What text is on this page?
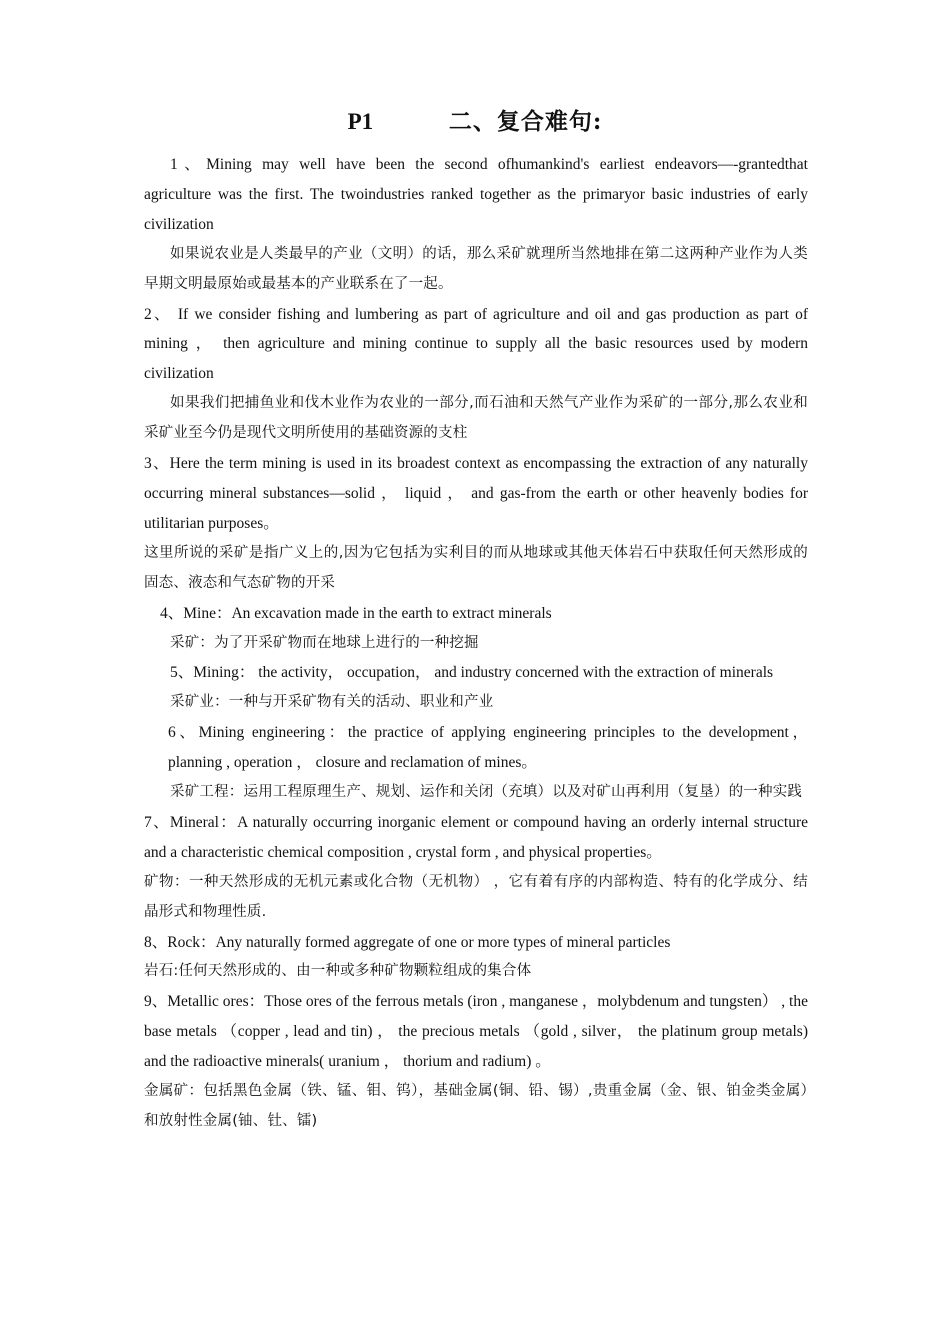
P1	二、复合难句:

1、Mining may well have been the second ofhumankind's earliest endeavors—-grantedthat agriculture was the first. The twoindustries ranked together as the primaryor basic industries of early civilization

如果说农业是人类最早的产业（文明）的话，那么采矿就理所当然地排在第二这两种产业作为人类早期文明最原始或最基本的产业联系在了一起。

2、 If we consider fishing and lumbering as part of agriculture and oil and gas production as part of mining ， then agriculture and mining continue to supply all the basic resources used by modern civilization

如果我们把捕鱼业和伐木业作为农业的一部分,而石油和天然气产业作为采矿的一部分,那么农业和采矿业至今仍是现代文明所使用的基础资源的支柱

3、Here the term mining is used in its broadest context as encompassing the extraction of any naturally occurring mineral substances—solid ， liquid ， and gas-from the earth or other heavenly bodies for utilitarian purposes。

这里所说的采矿是指广义上的,因为它包括为实利目的而从地球或其他天体岩石中获取任何天然形成的固态、液态和气态矿物的开采

4、Mine：An excavation made in the earth to extract minerals

采矿：为了开采矿物而在地球上进行的一种挖掘

5、Mining： the activity， occupation， and industry concerned with the extraction of minerals

采矿业：一种与开采矿物有关的活动、职业和产业

6、Mining engineering：the practice of applying engineering principles to the development， planning , operation ， closure and reclamation of mines。

采矿工程：运用工程原理生产、规划、运作和关闭（充填）以及对矿山再利用（复垦）的一种实践

7、Mineral：A naturally occurring inorganic element or compound having an orderly internal structure and a characteristic chemical composition , crystal form , and physical properties。

矿物：一种天然形成的无机元素或化合物（无机物） ，它有着有序的内部构造、特有的化学成分、结晶形式和物理性质.

8、Rock：Any naturally formed aggregate of one or more types of mineral particles

岩石:任何天然形成的、由一种或多种矿物颗粒组成的集合体

9、Metallic ores：Those ores of the ferrous metals (iron , manganese ，molybdenum and tungsten） , the base metals （copper , lead and tin) ， the precious metals （gold , silver， the platinum group metals) and the radioactive minerals( uranium ， thorium and radium) 。

金属矿：包括黑色金属（铁、锰、钼、钨），基础金属(铜、铅、锡）,贵重金属（金、银、铂金类金属）和放射性金属(铀、钍、镭)
